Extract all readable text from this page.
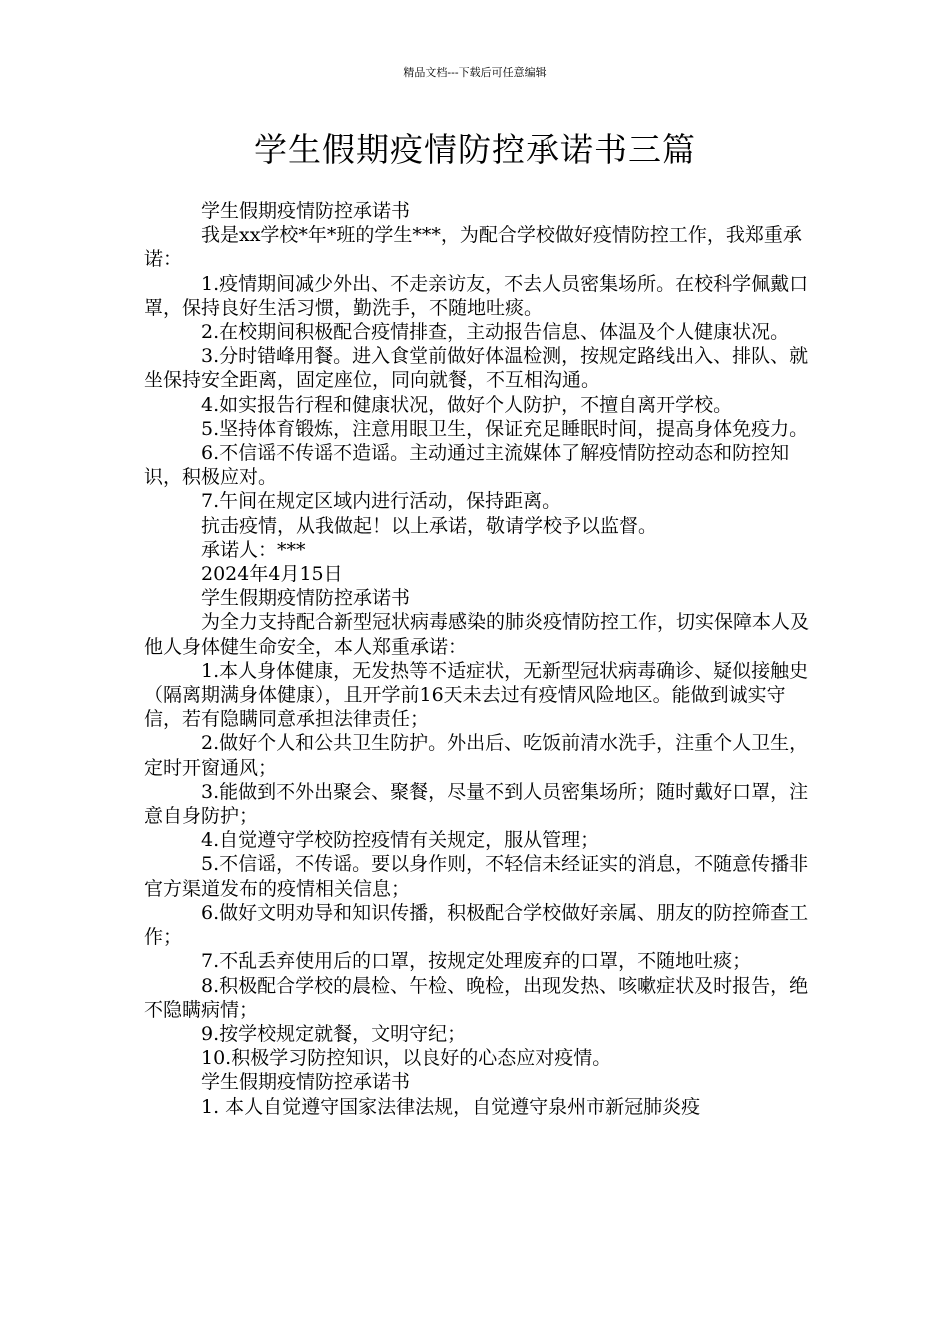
精品文档---下载后可任意编辑
学生假期疫情防控承诺书三篇

学生假期疫情防控承诺书

我是xx学校*年*班的学生***，为配合学校做好疫情防控工作，我郑重承诺：

1.疫情期间减少外出、不走亲访友，不去人员密集场所。在校科学佩戴口罩，保持良好生活习惯，勤洗手，不随地吐痰。

2.在校期间积极配合疫情排查，主动报告信息、体温及个人健康状况。

3.分时错峰用餐。进入食堂前做好体温检测，按规定路线出入、排队、就坐保持安全距离，固定座位，同向就餐，不互相沟通。

4.如实报告行程和健康状况，做好个人防护，不擅自离开学校。

5.坚持体育锻炼，注意用眼卫生，保证充足睡眠时间，提高身体免疫力。

6.不信谣不传谣不造谣。主动通过主流媒体了解疫情防控动态和防控知识，积极应对。

7.午间在规定区域内进行活动，保持距离。

抗击疫情，从我做起！以上承诺，敬请学校予以监督。

承诺人：***

2024年4月15日

学生假期疫情防控承诺书

为全力支持配合新型冠状病毒感染的肺炎疫情防控工作，切实保障本人及他人身体健生命安全，本人郑重承诺：

1.本人身体健康，无发热等不适症状，无新型冠状病毒确诊、疑似接触史（隔离期满身体健康），且开学前16天未去过有疫情风险地区。能做到诚实守信，若有隐瞒同意承担法律责任；

2.做好个人和公共卫生防护。外出后、吃饭前清水洗手，注重个人卫生，定时开窗通风；

3.能做到不外出聚会、聚餐，尽量不到人员密集场所；随时戴好口罩，注意自身防护；

4.自觉遵守学校防控疫情有关规定，服从管理；

5.不信谣，不传谣。要以身作则，不轻信未经证实的消息，不随意传播非官方渠道发布的疫情相关信息；

6.做好文明劝导和知识传播，积极配合学校做好亲属、朋友的防控筛查工作；

7.不乱丢弃使用后的口罩，按规定处理废弃的口罩，不随地吐痰；

8.积极配合学校的晨检、午检、晚检，出现发热、咳嗽症状及时报告，绝不隐瞒病情；

9.按学校规定就餐，文明守纪；

10.积极学习防控知识，以良好的心态应对疫情。

学生假期疫情防控承诺书

1. 本人自觉遵守国家法律法规，自觉遵守泉州市新冠肺炎疫
